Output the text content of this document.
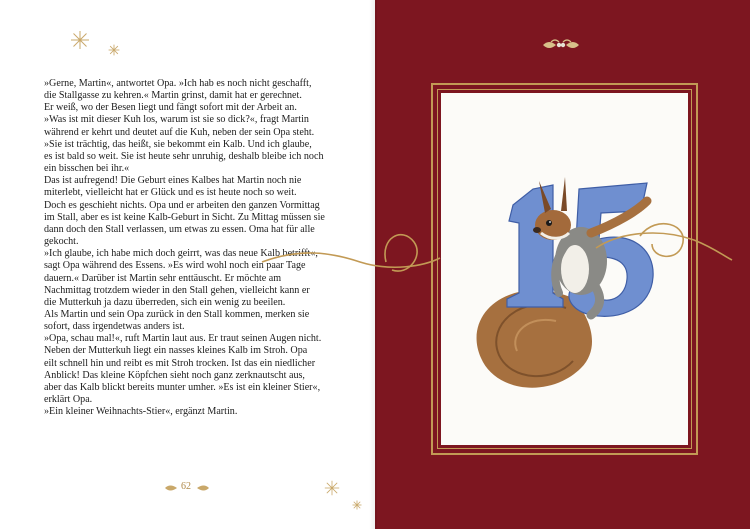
»Gerne, Martin«, antwortet Opa. »Ich hab es noch nicht geschafft,
die Stallgasse zu kehren.« Martin grinst, damit hat er gerechnet.
Er weiß, wo der Besen liegt und fängt sofort mit der Arbeit an.
»Was ist mit dieser Kuh los, warum ist sie so dick?«, fragt Martin
während er kehrt und deutet auf die Kuh, neben der sein Opa steht.
»Sie ist trächtig, das heißt, sie bekommt ein Kalb. Und ich glaube,
es ist bald so weit. Sie ist heute sehr unruhig, deshalb bleibe ich noch
ein bisschen bei ihr.«
Das ist aufregend! Die Geburt eines Kalbes hat Martin noch nie
miterlebt, vielleicht hat er Glück und es ist heute noch so weit.
Doch es geschieht nichts. Opa und er arbeiten den ganzen Vormittag
im Stall, aber es ist keine Kalb-Geburt in Sicht. Zu Mittag müssen sie
dann doch den Stall verlassen, um etwas zu essen. Oma hat für alle
gekocht.
»Ich glaube, ich habe mich doch geirrt, was das neue Kalb betrifft«,
sagt Opa während des Essens. »Es wird wohl noch ein paar Tage
dauern.« Darüber ist Martin sehr enttäuscht. Er möchte am
Nachmittag trotzdem wieder in den Stall gehen, vielleicht kann er
die Mutterkuh ja dazu überreden, sich ein wenig zu beeilen.
Als Martin und sein Opa zurück in den Stall kommen, merken sie
sofort, dass irgendetwas anders ist.
»Opa, schau mal!«, ruft Martin laut aus. Er traut seinen Augen nicht.
Neben der Mutterkuh liegt ein nasses kleines Kalb im Stroh. Opa
eilt schnell hin und reibt es mit Stroh trocken. Ist das ein niedlicher
Anblick! Das kleine Köpfchen sieht noch ganz zerknautscht aus,
aber das Kalb blickt bereits munter umher. »Es ist ein kleiner Stier«,
erklärt Opa.
»Ein kleiner Weihnachts-Stier«, ergänzt Martin.

62
